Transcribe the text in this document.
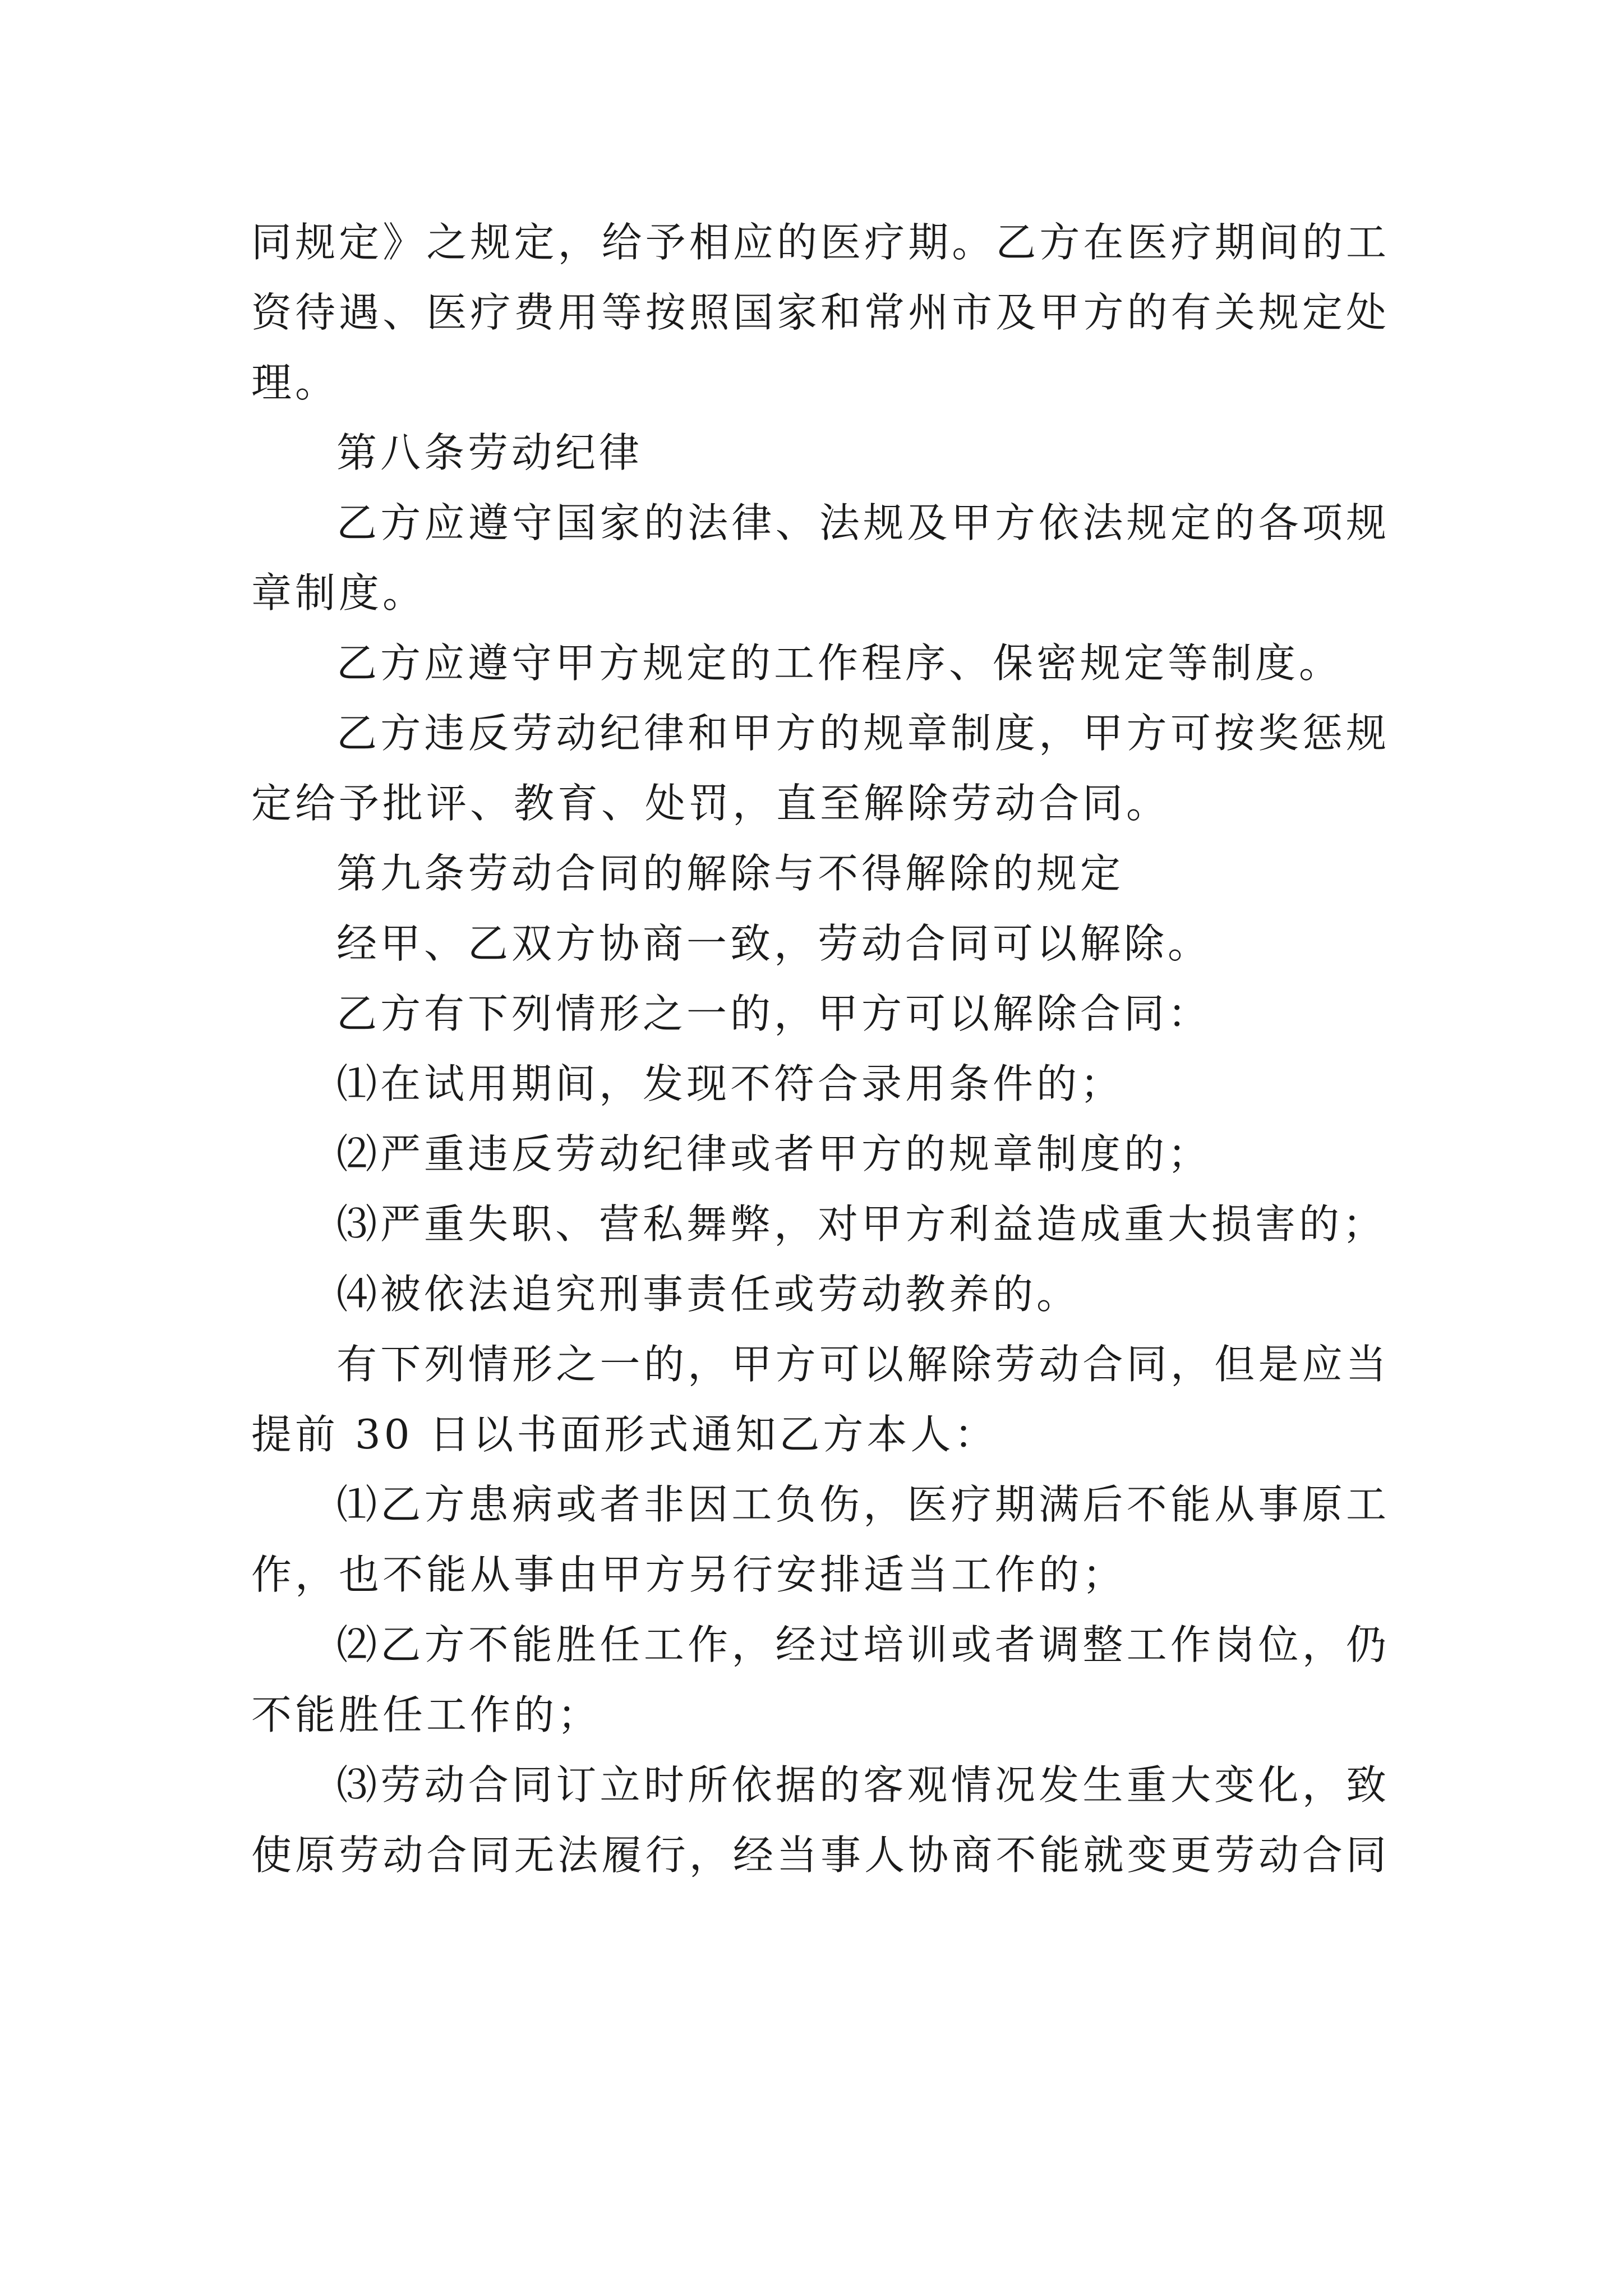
同规定》之规定，给予相应的医疗期。乙方在医疗期间的工
资待遇、医疗费用等按照国家和常州市及甲方的有关规定处
理。
第八条劳动纪律
乙方应遵守国家的法律、法规及甲方依法规定的各项规
章制度。
乙方应遵守甲方规定的工作程序、保密规定等制度。
乙方违反劳动纪律和甲方的规章制度，甲方可按奖惩规
定给予批评、教育、处罚，直至解除劳动合同。
第九条劳动合同的解除与不得解除的规定
经甲、乙双方协商一致，劳动合同可以解除。
乙方有下列情形之一的，甲方可以解除合同：
⑴在试用期间，发现不符合录用条件的；
⑵严重违反劳动纪律或者甲方的规章制度的；
⑶严重失职、营私舞弊，对甲方利益造成重大损害的；
⑷被依法追究刑事责任或劳动教养的。
有下列情形之一的，甲方可以解除劳动合同，但是应当
提前 30 日以书面形式通知乙方本人：
⑴乙方患病或者非因工负伤，医疗期满后不能从事原工
作，也不能从事由甲方另行安排适当工作的；
⑵乙方不能胜任工作，经过培训或者调整工作岗位，仍
不能胜任工作的；
⑶劳动合同订立时所依据的客观情况发生重大变化，致
使原劳动合同无法履行，经当事人协商不能就变更劳动合同
